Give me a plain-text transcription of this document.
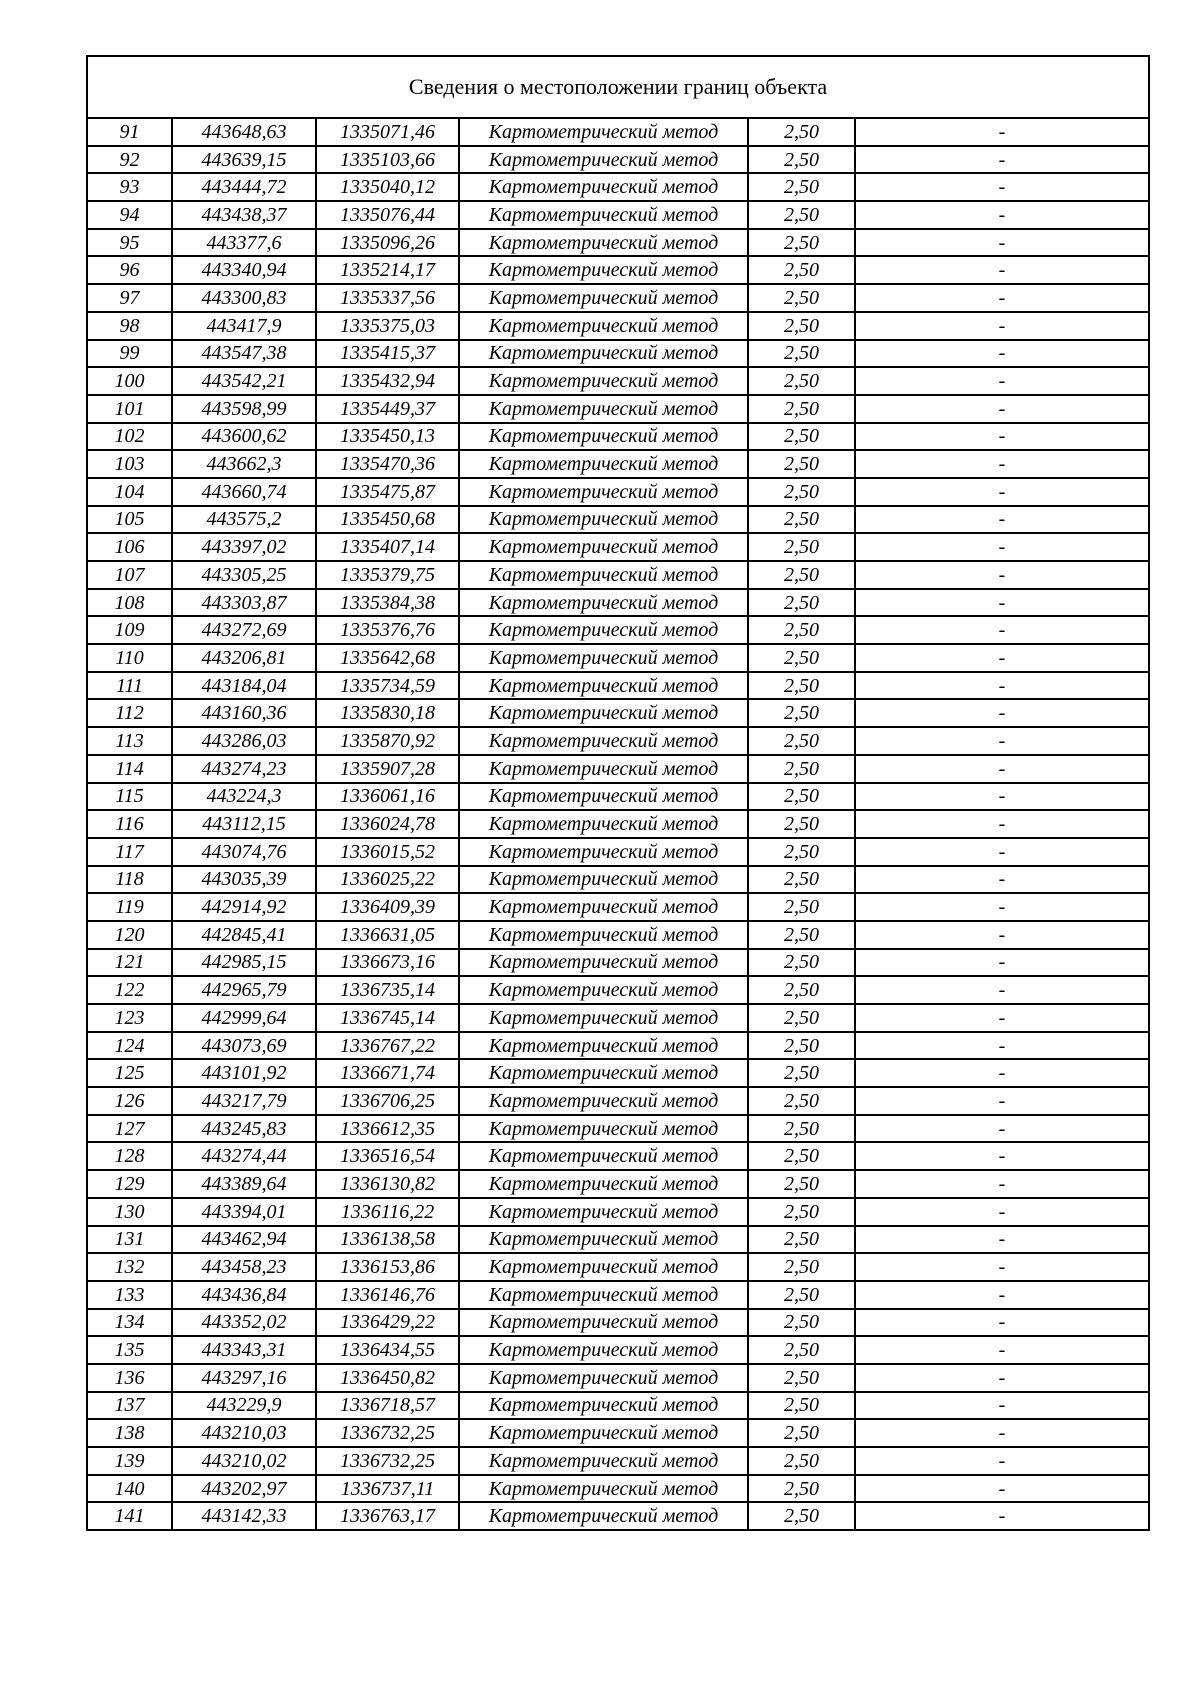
Сведения о местоположении границ объекта					
91	443648,63	1335071,46	Картометрический метод	2,50	-
92	443639,15	1335103,66	Картометрический метод	2,50	-
93	443444,72	1335040,12	Картометрический метод	2,50	-
94	443438,37	1335076,44	Картометрический метод	2,50	-
95	443377,6	1335096,26	Картометрический метод	2,50	-
96	443340,94	1335214,17	Картометрический метод	2,50	-
97	443300,83	1335337,56	Картометрический метод	2,50	-
98	443417,9	1335375,03	Картометрический метод	2,50	-
99	443547,38	1335415,37	Картометрический метод	2,50	-
100	443542,21	1335432,94	Картометрический метод	2,50	-
101	443598,99	1335449,37	Картометрический метод	2,50	-
102	443600,62	1335450,13	Картометрический метод	2,50	-
103	443662,3	1335470,36	Картометрический метод	2,50	-
104	443660,74	1335475,87	Картометрический метод	2,50	-
105	443575,2	1335450,68	Картометрический метод	2,50	-
106	443397,02	1335407,14	Картометрический метод	2,50	-
107	443305,25	1335379,75	Картометрический метод	2,50	-
108	443303,87	1335384,38	Картометрический метод	2,50	-
109	443272,69	1335376,76	Картометрический метод	2,50	-
110	443206,81	1335642,68	Картометрический метод	2,50	-
111	443184,04	1335734,59	Картометрический метод	2,50	-
112	443160,36	1335830,18	Картометрический метод	2,50	-
113	443286,03	1335870,92	Картометрический метод	2,50	-
114	443274,23	1335907,28	Картометрический метод	2,50	-
115	443224,3	1336061,16	Картометрический метод	2,50	-
116	443112,15	1336024,78	Картометрический метод	2,50	-
117	443074,76	1336015,52	Картометрический метод	2,50	-
118	443035,39	1336025,22	Картометрический метод	2,50	-
119	442914,92	1336409,39	Картометрический метод	2,50	-
120	442845,41	1336631,05	Картометрический метод	2,50	-
121	442985,15	1336673,16	Картометрический метод	2,50	-
122	442965,79	1336735,14	Картометрический метод	2,50	-
123	442999,64	1336745,14	Картометрический метод	2,50	-
124	443073,69	1336767,22	Картометрический метод	2,50	-
125	443101,92	1336671,74	Картометрический метод	2,50	-
126	443217,79	1336706,25	Картометрический метод	2,50	-
127	443245,83	1336612,35	Картометрический метод	2,50	-
128	443274,44	1336516,54	Картометрический метод	2,50	-
129	443389,64	1336130,82	Картометрический метод	2,50	-
130	443394,01	1336116,22	Картометрический метод	2,50	-
131	443462,94	1336138,58	Картометрический метод	2,50	-
132	443458,23	1336153,86	Картометрический метод	2,50	-
133	443436,84	1336146,76	Картометрический метод	2,50	-
134	443352,02	1336429,22	Картометрический метод	2,50	-
135	443343,31	1336434,55	Картометрический метод	2,50	-
136	443297,16	1336450,82	Картометрический метод	2,50	-
137	443229,9	1336718,57	Картометрический метод	2,50	-
138	443210,03	1336732,25	Картометрический метод	2,50	-
139	443210,02	1336732,25	Картометрический метод	2,50	-
140	443202,97	1336737,11	Картометрический метод	2,50	-
141	443142,33	1336763,17	Картометрический метод	2,50	-
